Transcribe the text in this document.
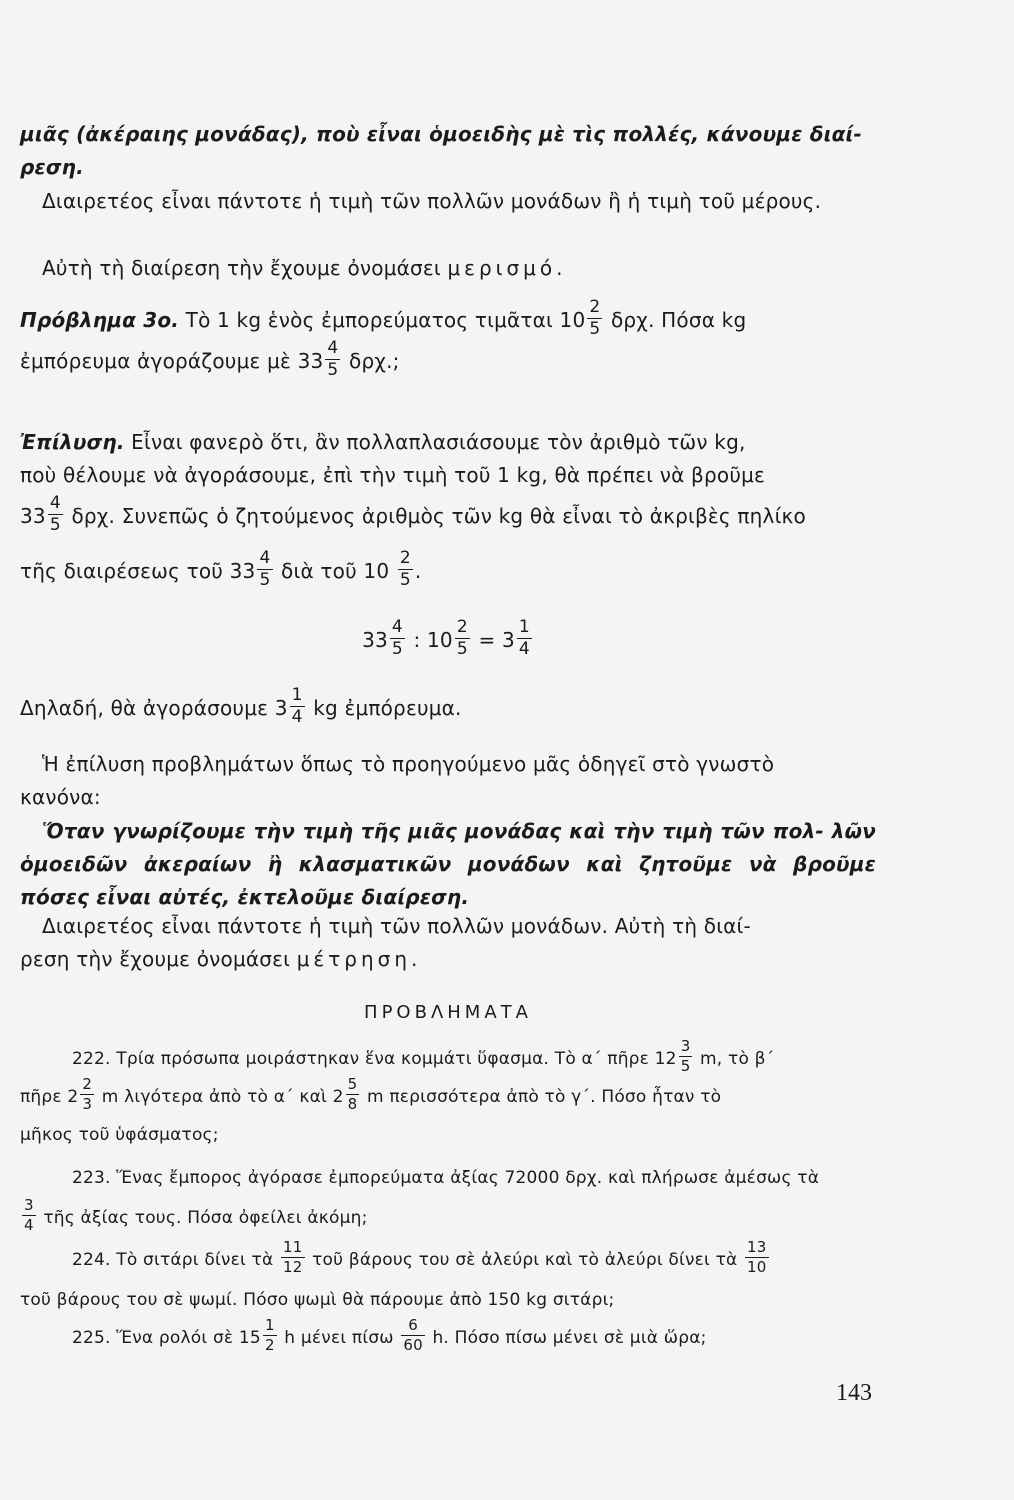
μιᾶς (ἀκέραιης μονάδας), ποὺ εἶναι ὁμοειδὴς μὲ τὶς πολλές, κάνουμε διαί-
ρεση.
Διαιρετέος εἶναι πάντοτε ἡ τιμὴ τῶν πολλῶν μονάδων ἢ ἡ τιμὴ τοῦ μέρους.
Αὐτὴ τὴ διαίρεση τὴν ἔχουμε ὀνομάσει μερισμό.
Πρόβλημα 3ο. Τὸ 1 kg ἑνὸς ἐμπορεύματος τιμᾶται $10 \frac{2}{5} \delta\rho\chi$. Πόσα kg
ἐμπόρευμα ἀγοράζουμε μὲ $33 \frac{4}{5} \delta\rho\chi$.;
Ἐπίλυση. Εἶναι φανερὸ ὅτι, ἂν πολλαπλασιάσουμε τὸν ἀριθμὸ τῶν kg,
ποὺ θέλουμε νὰ ἀγοράσουμε, ἐπὶ τὴν τιμὴ τοῦ 1 kg, θὰ πρέπει νὰ βροῦμε
$33 \frac{4}{5} \delta\rho\chi$. Συνεπῶς ὁ ζητούμενος ἀριθμὸς τῶν kg θὰ εἶναι τὸ ἀκριβὲς πηλίκο
τῆς διαιρέσεως τοῦ $33 \frac{4}{5}$ διὰ τοῦ $10 \frac{2}{5}$ .
$33 \frac{4}{5}$ : $10 \frac{2}{5} = 3 \frac{1}{4}$
Δηλαδή, θὰ ἀγοράσουμε $3 \frac{1}{4}$ kg ἐμπόρευμα.
Ἡ ἐπίλυση προβλημάτων ὅπως τὸ προηγούμενο μᾶς ὁδηγεῖ στὸ γνωστὸ
κανόνα:
Ὅταν γνωρίζουμε τὴν τιμὴ τῆς μιᾶς μονάδας καὶ τὴν τιμὴ τῶν πολ- λῶν ὁμοειδῶν ἀκεραίων ἢ κλασματικῶν μονάδων καὶ ζητοῦμε νὰ βροῦμε πόσες εἶναι αὐτές, ἐκτελοῦμε διαίρεση.
Διαιρετέος εἶναι πάντοτε ἡ τιμὴ τῶν πολλῶν μονάδων. Αὐτὴ τὴ διαί-
ρεση τὴν ἔχουμε ὀνομάσει μέτρηση.
ΠΡΟΒΛΗΜΑΤΑ
222. Τρία πρόσωπα μοιράστηκαν ἕνα κομμάτι ὕφασμα. Τὸ α΄ πῆρε $12 \frac{3}{5} m$, τὸ β΄
πῆρε $2 \frac{2}{3}$ m λιγότερα ἀπὸ τὸ α΄ καὶ $2 \frac{5}{8}$ m περισσότερα ἀπὸ τὸ γ΄. Πόσο ἦταν τὸ
μῆκος τοῦ ὑφάσματος;
223. Ἕνας ἔμπορος ἀγόρασε ἐμπορεύματα ἀξίας 72000 δρχ. καὶ πλήρωσε ἀμέσως τὰ

$\frac{3}{4}$ τῆς ἀξίας τους. Πόσα ὀφείλει ἀκόμη;
224. Τὸ σιτάρι δίνει τὰ $\frac{11}{12}$ τοῦ βάρους του σὲ ἀλεύρι καὶ τὸ ἀλεύρι δίνει τὰ $\frac{13}{10}$

τοῦ βάρους του σὲ ψωμί. Πόσο ψωμὶ θὰ πάρουμε ἀπὸ 150 kg σιτάρι;
225. Ἕνα ρολόι σὲ $15 \frac{1}{2}$ h μένει πίσω $\frac{6}{60} h$. Πόσο πίσω μένει σὲ μιὰ ὥρα;
143
